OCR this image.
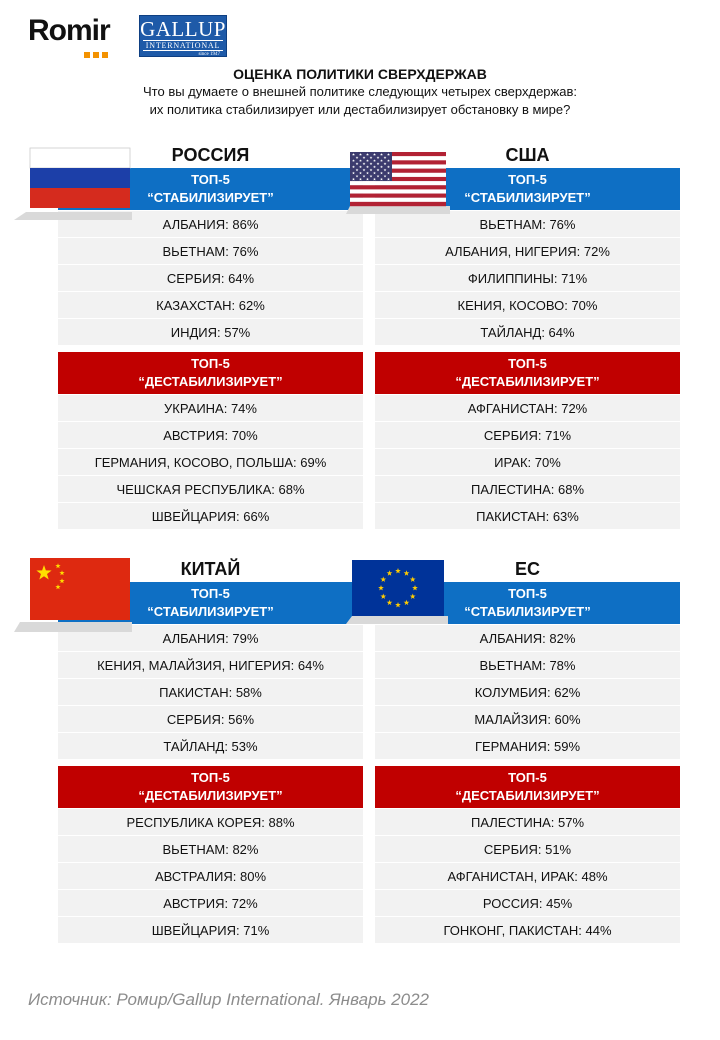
Romir GALLUP
INTERNATIONAL
since 1947
ОЦЕНКА ПОЛИТИКИ СВЕРХДЕРЖАВ
Что вы думаете о внешней политике следующих четырех сверхдержав:
их политика стабилизирует или дестабилизирует обстановку в мире?
РОССИЯ
ТОП-5
“СТАБИЛИЗИРУЕТ”
АЛБАНИЯ: 86%
ВЬЕТНАМ: 76%
СЕРБИЯ: 64%
КАЗАХСТАН: 62%
ИНДИЯ: 57%
ТОП-5
“ДЕСТАБИЛИЗИРУЕТ”
УКРАИНА: 74%
АВСТРИЯ: 70%
ГЕРМАНИЯ, КОСОВО, ПОЛЬША: 69%
ЧЕШСКАЯ РЕСПУБЛИКА: 68%
ШВЕЙЦАРИЯ: 66%
США
ТОП-5
“СТАБИЛИЗИРУЕТ”
ВЬЕТНАМ: 76%
АЛБАНИЯ, НИГЕРИЯ: 72%
ФИЛИППИНЫ: 71%
КЕНИЯ, КОСОВО: 70%
ТАЙЛАНД: 64%
ТОП-5
“ДЕСТАБИЛИЗИРУЕТ”
АФГАНИСТАН: 72%
СЕРБИЯ: 71%
ИРАК: 70%
ПАЛЕСТИНА: 68%
ПАКИСТАН: 63%
КИТАЙ
ТОП-5
“СТАБИЛИЗИРУЕТ”
АЛБАНИЯ: 79%
КЕНИЯ, МАЛАЙЗИЯ, НИГЕРИЯ: 64%
ПАКИСТАН: 58%
СЕРБИЯ: 56%
ТАЙЛАНД: 53%
ТОП-5
“ДЕСТАБИЛИЗИРУЕТ”
РЕСПУБЛИКА КОРЕЯ: 88%
ВЬЕТНАМ: 82%
АВСТРАЛИЯ: 80%
АВСТРИЯ: 72%
ШВЕЙЦАРИЯ: 71%
ЕС
ТОП-5
“СТАБИЛИЗИРУЕТ”
АЛБАНИЯ: 82%
ВЬЕТНАМ: 78%
КОЛУМБИЯ: 62%
МАЛАЙЗИЯ: 60%
ГЕРМАНИЯ: 59%
ТОП-5
“ДЕСТАБИЛИЗИРУЕТ”
ПАЛЕСТИНА: 57%
СЕРБИЯ: 51%
АФГАНИСТАН, ИРАК: 48%
РОССИЯ: 45%
ГОНКОНГ, ПАКИСТАН: 44%
Источник: Ромир/Gallup International. Январь 2022
